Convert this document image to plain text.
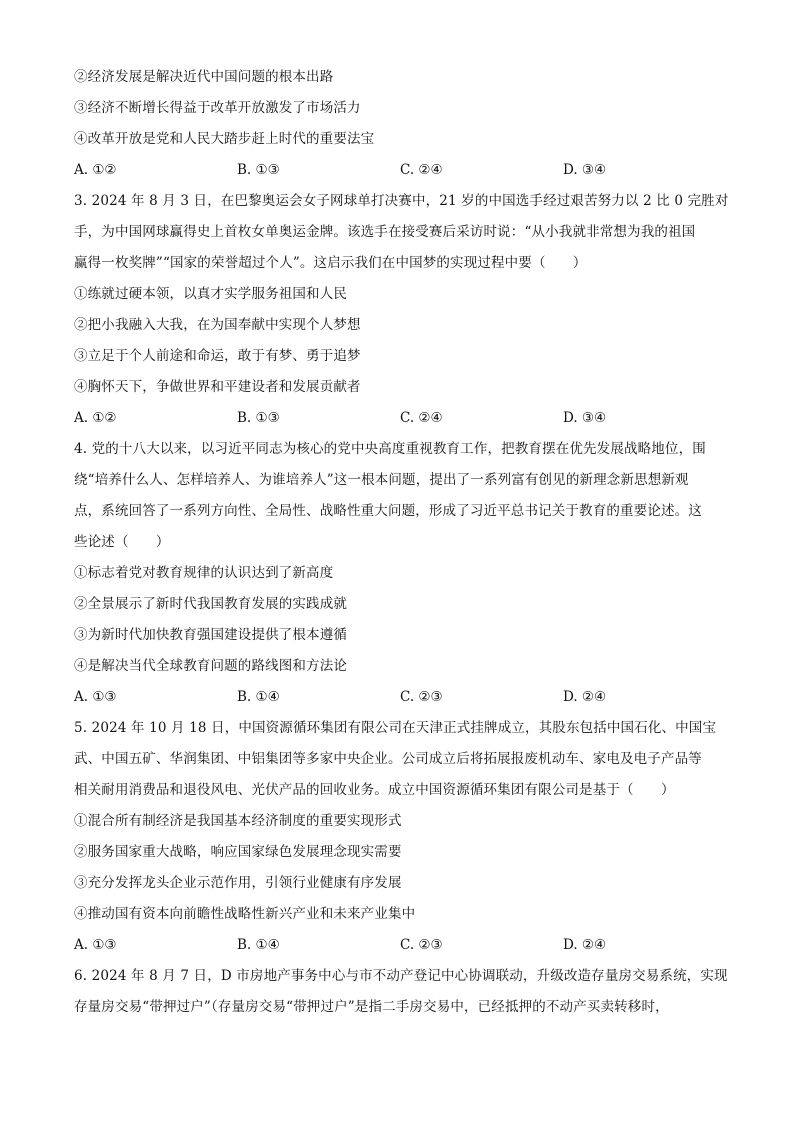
②经济发展是解决近代中国问题的根本出路
③经济不断增长得益于改革开放激发了市场活力
④改革开放是党和人民大踏步赶上时代的重要法宝
A. ①②	B. ①③	C. ②④	D. ③④
3. 2024 年 8 月 3 日，在巴黎奥运会女子网球单打决赛中，21 岁的中国选手经过艰苦努力以 2 比 0 完胜对
手，为中国网球赢得史上首枚女单奥运金牌。该选手在接受赛后采访时说：“从小我就非常想为我的祖国
赢得一枚奖牌”“国家的荣誉超过个人”。这启示我们在中国梦的实现过程中要（　　）
①练就过硬本领，以真才实学服务祖国和人民
②把小我融入大我，在为国奉献中实现个人梦想
③立足于个人前途和命运，敢于有梦、勇于追梦
④胸怀天下，争做世界和平建设者和发展贡献者
A. ①②	B. ①③	C. ②④	D. ③④
4. 党的十八大以来，以习近平同志为核心的党中央高度重视教育工作，把教育摆在优先发展战略地位，围
绕“培养什么人、怎样培养人、为谁培养人”这一根本问题，提出了一系列富有创见的新理念新思想新观
点，系统回答了一系列方向性、全局性、战略性重大问题，形成了习近平总书记关于教育的重要论述。这
些论述（　　）
①标志着党对教育规律的认识达到了新高度
②全景展示了新时代我国教育发展的实践成就
③为新时代加快教育强国建设提供了根本遵循
④是解决当代全球教育问题的路线图和方法论
A. ①③	B. ①④	C. ②③	D. ②④
5. 2024 年 10 月 18 日，中国资源循环集团有限公司在天津正式挂牌成立，其股东包括中国石化、中国宝
武、中国五矿、华润集团、中铝集团等多家中央企业。公司成立后将拓展报废机动车、家电及电子产品等
相关耐用消费品和退役风电、光伏产品的回收业务。成立中国资源循环集团有限公司是基于（　　）
①混合所有制经济是我国基本经济制度的重要实现形式
②服务国家重大战略，响应国家绿色发展理念现实需要
③充分发挥龙头企业示范作用，引领行业健康有序发展
④推动国有资本向前瞻性战略性新兴产业和未来产业集中
A. ①③	B. ①④	C. ②③	D. ②④
6. 2024 年 8 月 7 日，D 市房地产事务中心与市不动产登记中心协调联动，升级改造存量房交易系统，实现
存量房交易“带押过户”（存量房交易“带押过户”是指二手房交易中，已经抵押的不动产买卖转移时，
